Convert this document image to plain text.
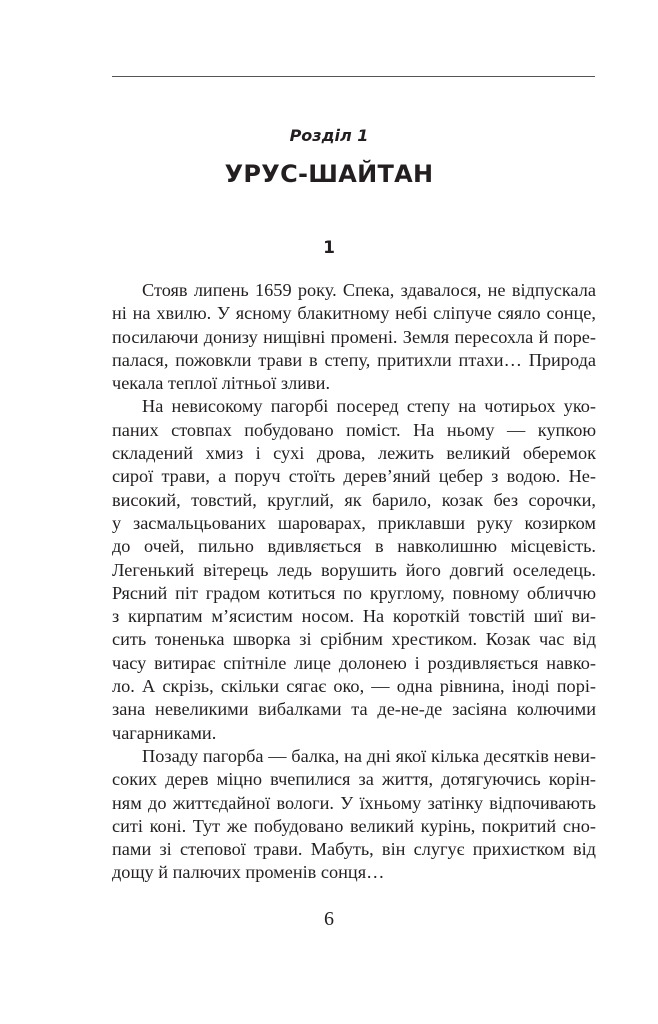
Розділ 1
УРУС-ШАЙТАН
1
Стояв липень 1659 року. Спека, здавалося, не відпускала
ні на хвилю. У ясному блакитному небі сліпуче сяяло сонце,
посилаючи донизу нищівні промені. Земля пересохла й поре-
палася, пожовкли трави в степу, притихли птахи… Природа
чекала теплої літньої зливи.
На невисокому пагорбі посеред степу на чотирьох уко-
паних стовпах побудовано поміст. На ньому — купкою
складений хмиз і сухі дрова, лежить великий оберемок
сирої трави, а поруч стоїть дерев’яний цебер з водою. Не-
високий, товстий, круглий, як барило, козак без сорочки,
у засмальцьованих шароварах, приклавши руку козирком
до очей, пильно вдивляється в навколишню місцевість.
Легенький вітерець ледь ворушить його довгий оселедець.
Рясний піт градом котиться по круглому, повному обличчю
з кирпатим м’ясистим носом. На короткій товстій шиї ви-
сить тоненька шворка зі срібним хрестиком. Козак час від
часу витирає спітніле лице долонею і роздивляється навко-
ло. А скрізь, скільки сягає око, — одна рівнина, іноді порі-
зана невеликими вибалками та де-не-де засіяна колючими
чагарниками.
Позаду пагорба — балка, на дні якої кілька десятків неви-
соких дерев міцно вчепилися за життя, дотягуючись корін-
ням до життєдайної вологи. У їхньому затінку відпочивають
ситі коні. Тут же побудовано великий курінь, покритий сно-
пами зі степової трави. Мабуть, він слугує прихистком від
дощу й палючих променів сонця…
6
